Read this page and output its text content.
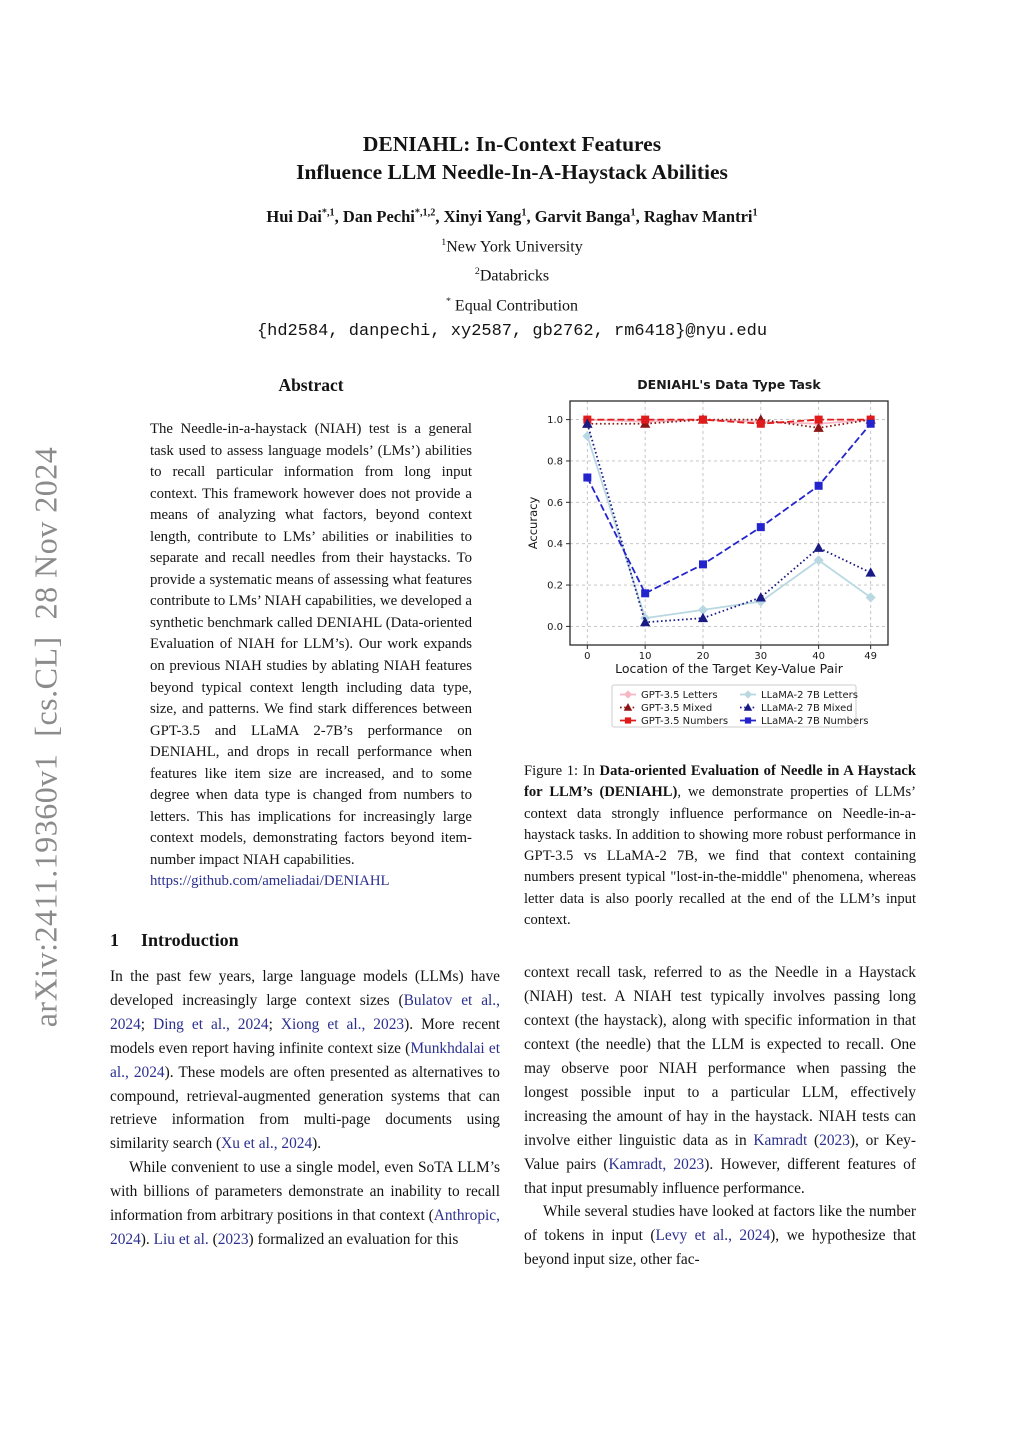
arXiv:2411.19360v1  [cs.CL]  28 Nov 2024
DENIAHL: In-Context Features
Influence LLM Needle-In-A-Haystack Abilities
Hui Dai$^{*,1}$, Dan Pechi$^{*,1,2}$, Xinyi Yang$^1$, Garvit Banga$^1$, Raghav Mantri$^1$
$^1$New York University
$^2$Databricks
* Equal Contribution
{hd2584, danpechi, xy2587, gb2762, rm6418}@nyu.edu
Abstract
The Needle-in-a-haystack (NIAH) test is a general task used to assess language models’ (LMs’) abilities to recall particular information from long input context. This framework however does not provide a means of analyzing what factors, beyond context length, contribute to LMs’ abilities or inabilities to separate and recall needles from their haystacks. To provide a systematic means of assessing what features contribute to LMs’ NIAH capabilities, we developed a synthetic benchmark called DENIAHL (Data-oriented Evaluation of NIAH for LLM’s). Our work expands on previous NIAH studies by ablating NIAH features beyond typical context length including data type, size, and patterns. We find stark differences between GPT-3.5 and LLaMA 2-7B’s performance on DENIAHL, and drops in recall performance when features like item size are increased, and to some degree when data type is changed from numbers to letters. This has implications for increasingly large context models, demonstrating factors beyond item-number impact NIAH capabilities.
https://github.com/ameliadai/DENIAHL
1 Introduction
In the past few years, large language models (LLMs) have developed increasingly large context sizes (Bulatov et al., 2024; Ding et al., 2024; Xiong et al., 2023). More recent models even report having infinite context size (Munkhdalai et al., 2024). These models are often presented as alternatives to compound, retrieval-augmented generation systems that can retrieve information from multi-page documents using similarity search (Xu et al., 2024).
While convenient to use a single model, even SoTA LLM’s with billions of parameters demonstrate an inability to recall information from arbitrary positions in that context (Anthropic, 2024). Liu et al. (2023) formalized an evaluation for this
0	10	20	30	40	49
0.0
0.2
0.4
0.6
0.8
1.0
DENIAHL's Data Type Task
Location of the Target Key-Value Pair
Accuracy
GPT-3.5 Letters
GPT-3.5 Mixed
GPT-3.5 Numbers
LLaMA-2 7B Letters
LLaMA-2 7B Mixed
LLaMA-2 7B Numbers
Figure 1: In Data-oriented Evaluation of Needle in A Haystack for LLM’s (DENIAHL), we demonstrate properties of LLMs’ context data strongly influence performance on Needle-in-a-haystack tasks. In addition to showing more robust performance in GPT-3.5 vs LLaMA-2 7B, we find that context containing numbers present typical "lost-in-the-middle" phenomena, whereas letter data is also poorly recalled at the end of the LLM’s input context.
context recall task, referred to as the Needle in a Haystack (NIAH) test. A NIAH test typically involves passing long context (the haystack), along with specific information in that context (the needle) that the LLM is expected to recall. One may observe poor NIAH performance when passing the longest possible input to a particular LLM, effectively increasing the amount of hay in the haystack. NIAH tests can involve either linguistic data as in Kamradt (2023), or Key-Value pairs (Kamradt, 2023). However, different features of that input presumably influence performance.
While several studies have looked at factors like the number of tokens in input (Levy et al., 2024), we hypothesize that beyond input size, other fac-
